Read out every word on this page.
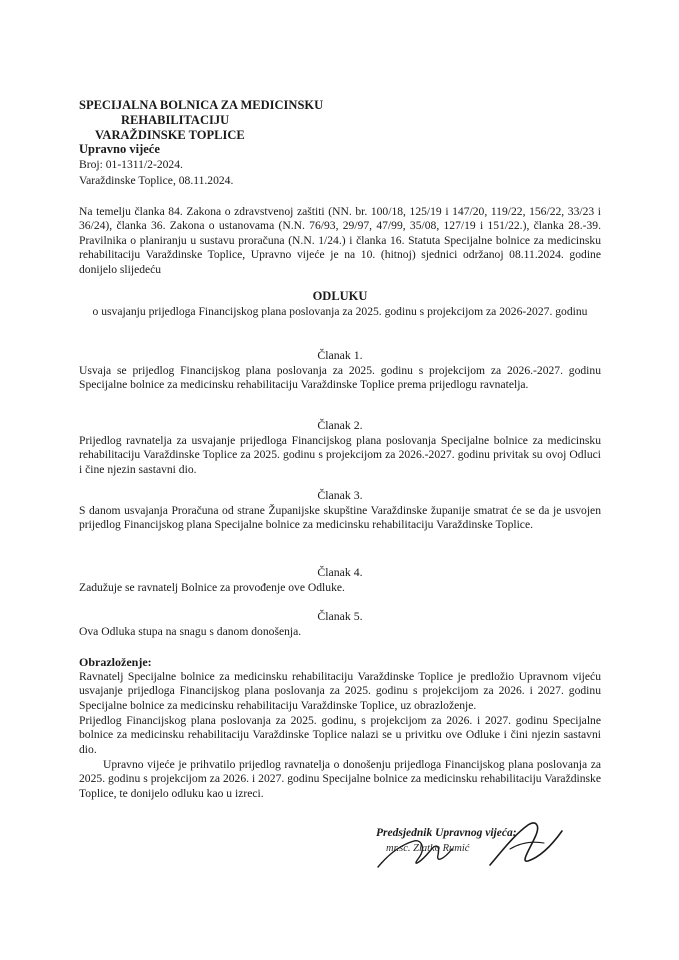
SPECIJALNA BOLNICA ZA MEDICINSKU
REHABILITACIJU
VARAŽDINSKE TOPLICE
Upravno vijeće
Broj: 01-1311/2-2024.
Varaždinske Toplice, 08.11.2024.

Na temelju članka 84. Zakona o zdravstvenoj zaštiti (NN. br. 100/18, 125/19 i 147/20, 119/22, 156/22, 33/23 i 36/24), članka 36. Zakona o ustanovama (N.N. 76/93, 29/97, 47/99, 35/08, 127/19 i 151/22.), članka 28.-39. Pravilnika o planiranju u sustavu proračuna (N.N. 1/24.) i članka 16. Statuta Specijalne bolnice za medicinsku rehabilitaciju Varaždinske Toplice, Upravno vijeće je na 10. (hitnoj) sjednici održanoj 08.11.2024. godine donijelo slijedeću

ODLUKU

o usvajanju prijedloga Financijskog plana poslovanja za 2025. godinu s projekcijom za 2026-2027. godinu

Članak 1.

Usvaja se prijedlog Financijskog plana poslovanja za 2025. godinu s projekcijom za 2026.-2027. godinu Specijalne bolnice za medicinsku rehabilitaciju Varaždinske Toplice prema prijedlogu ravnatelja.

Članak 2.

Prijedlog ravnatelja za usvajanje prijedloga Financijskog plana poslovanja Specijalne bolnice za medicinsku rehabilitaciju Varaždinske Toplice za 2025. godinu s projekcijom za 2026.-2027. godinu privitak su ovoj Odluci i čine njezin sastavni dio.

Članak 3.

S danom usvajanja Proračuna od strane Županijske skupštine Varaždinske županije smatrat će se da je usvojen prijedlog Financijskog plana Specijalne bolnice za medicinsku rehabilitaciju Varaždinske Toplice.

Članak 4.

Zadužuje se ravnatelj Bolnice za provođenje ove Odluke.

Članak 5.

Ova Odluka stupa na snagu s danom donošenja.

Obrazloženje:

Ravnatelj Specijalne bolnice za medicinsku rehabilitaciju Varaždinske Toplice je predložio Upravnom vijeću usvajanje prijedloga Financijskog plana poslovanja za 2025. godinu s projekcijom za 2026. i 2027. godinu Specijalne bolnice za medicinsku rehabilitaciju Varaždinske Toplice, uz obrazloženje.

Prijedlog Financijskog plana poslovanja za 2025. godinu, s projekcijom za 2026. i 2027. godinu Specijalne bolnice za medicinsku rehabilitaciju Varaždinske Toplice nalazi se u privitku ove Odluke i čini njezin sastavni dio.

Upravno vijeće je prihvatilo prijedlog ravnatelja o donošenju prijedloga Financijskog plana poslovanja za 2025. godinu s projekcijom za 2026. i 2027. godinu Specijalne bolnice za medicinsku rehabilitaciju Varaždinske Toplice, te donijelo odluku kao u izreci.

Predsjednik Upravnog vijeća:
mr.sc. Zlatko Rumić
